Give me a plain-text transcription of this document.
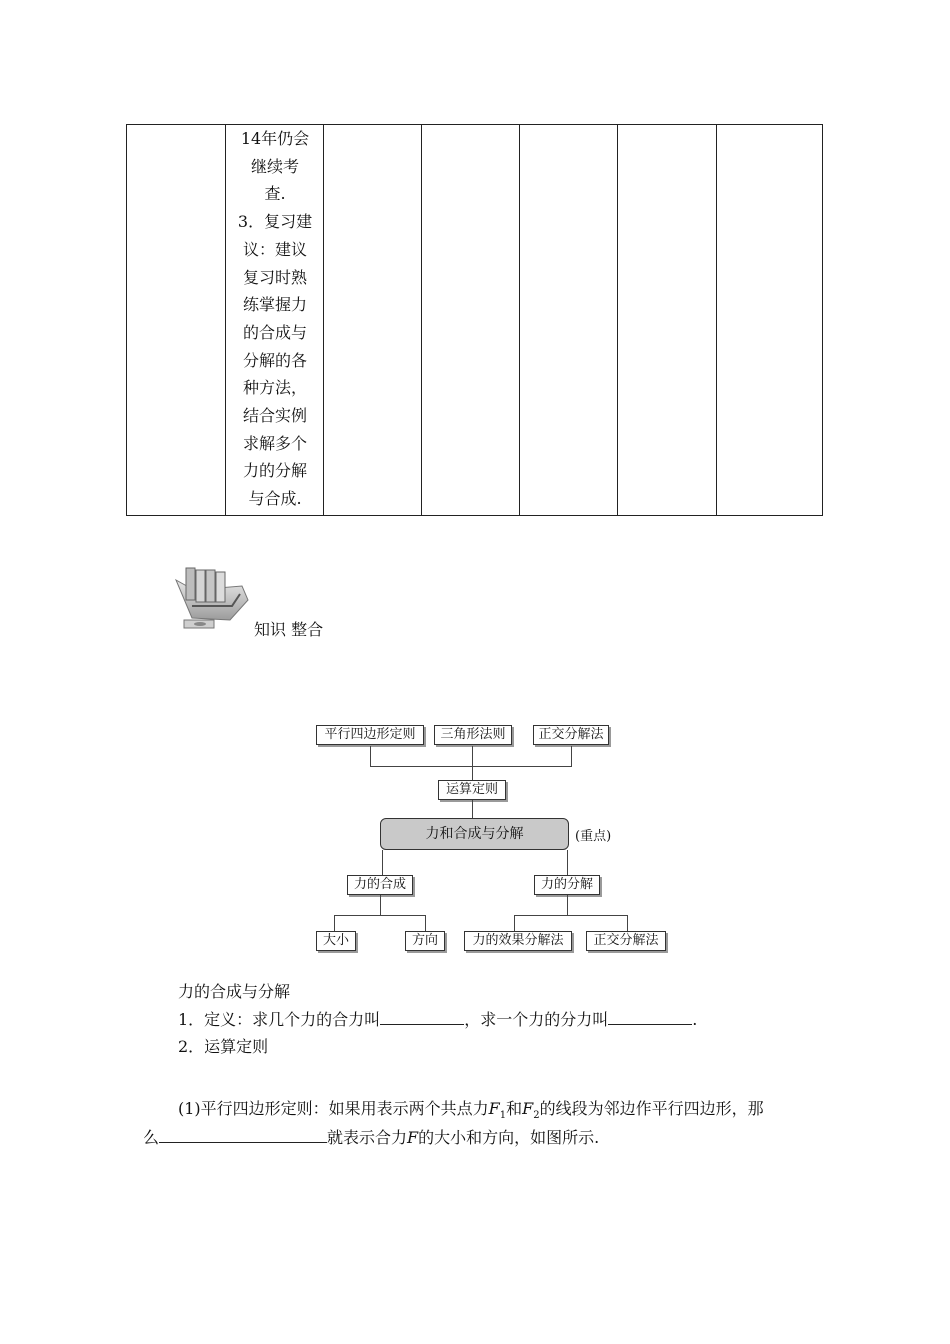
14年仍会
继续考
查.
3．复习建
议：建议
复习时熟
练掌握力
的合成与
分解的各
种方法，
结合实例
求解多个
力的分解
与合成.
知识 整合
平行四边形定则	三角形法则	正交分解法
运算定则
力和合成与分解	(重点)
力的合成	力的分解
大小	方向	力的效果分解法	正交分解法
力的合成与分解
1．定义：求几个力的合力叫	，求一个力的分力叫	.
2．运算定则
(1)平行四边形定则：如果用表示两个共点力$F_1$和$F_2$的线段为邻边作平行四边形，那
么	就表示合力F的大小和方向，如图所示.
